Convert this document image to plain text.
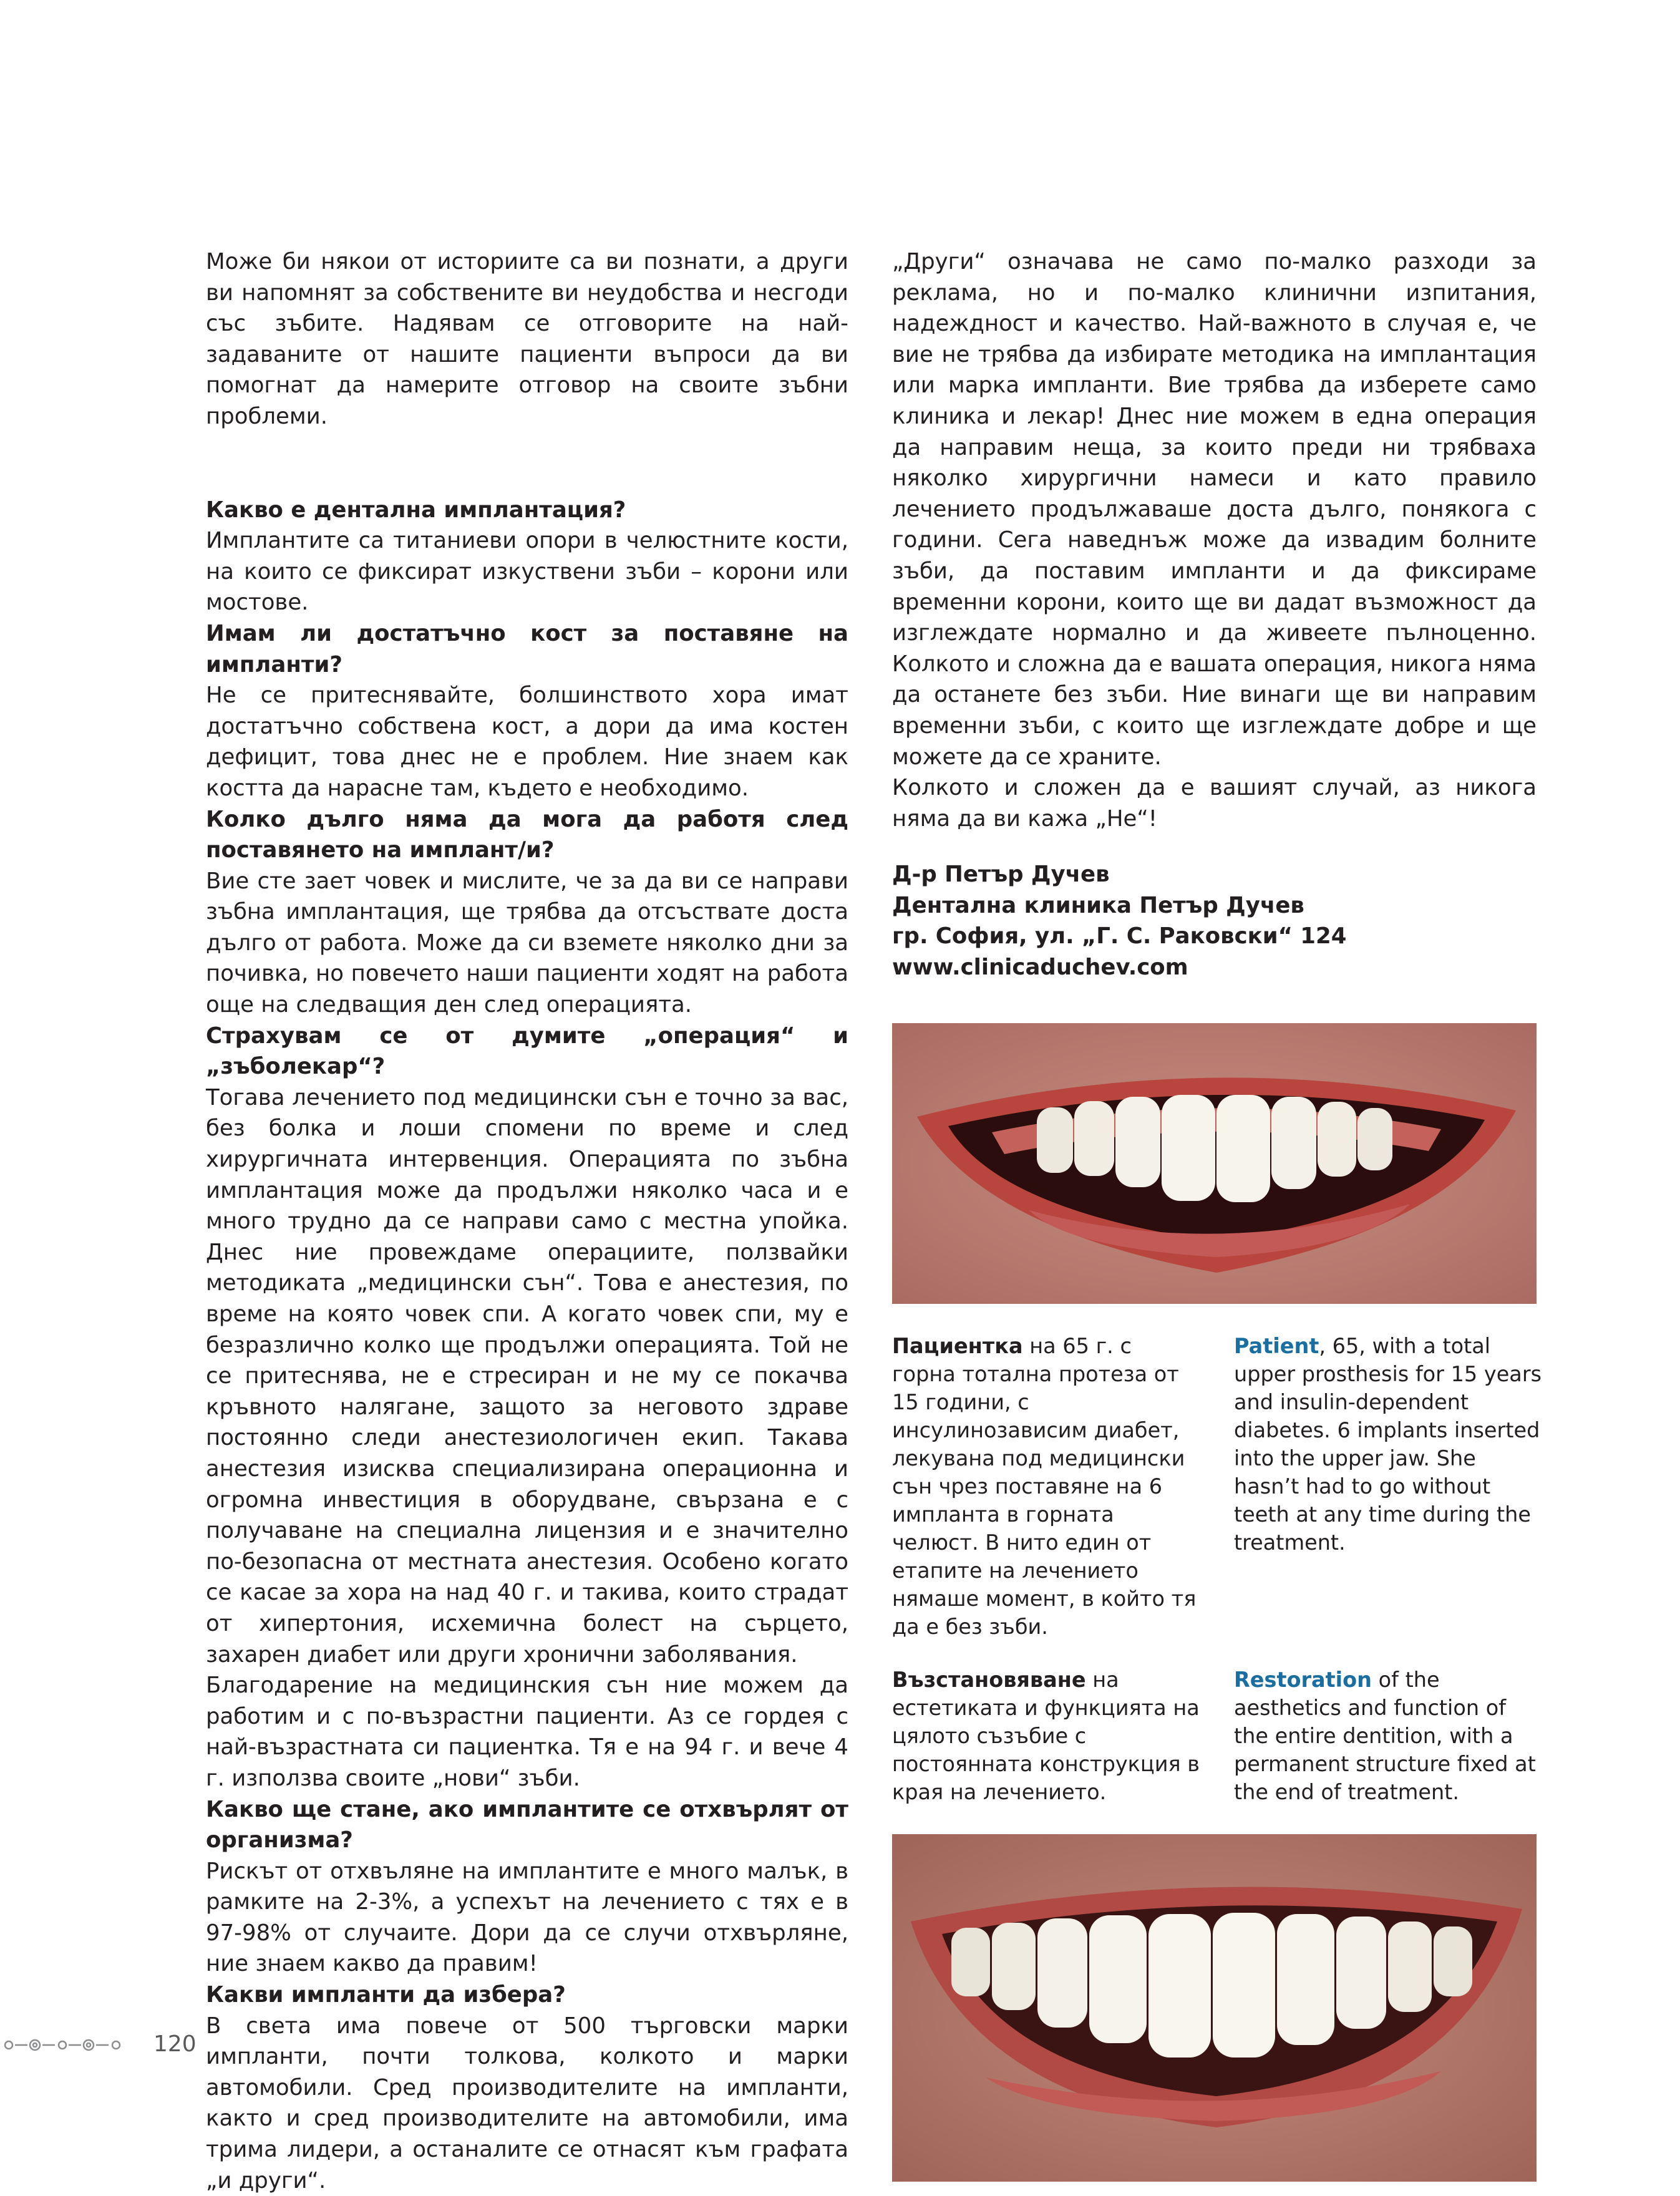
Може би някои от историите са ви познати, а други ви напомнят за собствените ви неудобства и несгоди със зъбите. Надявам се отговорите на най-задаваните от нашите пациенти въпроси да ви помогнат да намерите отговор на своите зъбни проблеми.

Какво е дентална имплантация?

Имплантите са титаниеви опори в челюстните кости, на които се фиксират изкуствени зъби – корони или мостове.

Имам ли достатъчно кост за поставяне на импланти?

Не се притеснявайте, болшинството хора имат достатъчно собствена кост, а дори да има костен дефицит, това днес не е проблем. Ние знаем как костта да нарасне там, където е необходимо.

Колко дълго няма да мога да работя след поставянето на имплант/и?

Вие сте зает човек и мислите, че за да ви се направи зъбна имплантация, ще трябва да отсъствате доста дълго от работа. Може да си вземете няколко дни за почивка, но повечето наши пациенти ходят на работа още на следващия ден след операцията.

Страхувам се от думите „операция“ и „зъболекар“?

Тогава лечението под медицински сън е точно за вас, без болка и лоши спомени по време и след хирургичната интервенция. Операцията по зъбна имплантация може да продължи няколко часа и е много трудно да се направи само с местна упойка. Днес ние провеждаме операциите, ползвайки методиката „медицински сън“. Това е анестезия, по време на която човек спи. А когато човек спи, му е безразлично колко ще продължи операцията. Той не се притеснява, не е стресиран и не му се покачва кръвното налягане, защото за неговото здраве постоянно следи анестезиологичен екип. Такава анестезия изисква специализирана операционна и огромна инвестиция в оборудване, свързана е с получаване на специална лицензия и е значително по-безопасна от местната анестезия. Особено когато се касае за хора на над 40 г. и такива, които страдат от хипертония, исхемична болест на сърцето, захарен диабет или други хронични заболявания.

Благодарение на медицинския сън ние можем да работим и с по-възрастни пациенти. Аз се гордея с най-възрастната си пациентка. Тя е на 94 г. и вече 4 г. използва своите „нови“ зъби.

Какво ще стане, ако имплантите се отхвърлят от организма?

Рискът от отхвъляне на имплантите е много малък, в рамките на 2-3%, а успехът на лечението с тях е в 97-98% от случаите. Дори да се случи отхвърляне, ние знаем какво да правим!

Какви импланти да избера?

В света има повече от 500 търговски марки импланти, почти толкова, колкото и марки автомобили. Сред производителите на импланти, както и сред производителите на автомобили, има трима лидери, а останалите се отнасят към графата „и други“.

„Други“ означава не само по-малко разходи за реклама, но и по-малко клинични изпитания, надеждност и качество. Най-важното в случая е, че вие не трябва да избирате методика на имплантация или марка импланти. Вие трябва да изберете само клиника и лекар! Днес ние можем в една операция да направим неща, за които преди ни трябваха няколко хирургични намеси и като правило лечението продължаваше доста дълго, понякога с години. Сега наведнъж може да извадим болните зъби, да поставим импланти и да фиксираме временни корони, които ще ви дадат възможност да изглеждате нормално и да живеете пълноценно. Колкото и сложна да е вашата операция, никога няма да останете без зъби. Ние винаги ще ви направим временни зъби, с които ще изглеждате добре и ще можете да се храните.

Колкото и сложен да е вашият случай, аз никога няма да ви кажа „Не“!

Д-р Петър Дучев

Дентална клиника Петър Дучев

гр. София, ул. „Г. С. Раковски“ 124

www.clinicaduchev.com

Пациентка на 65 г. с горна тотална протеза от 15 години, с инсулинозависим диабет, лекувана под медицински сън чрез поставяне на 6 импланта в горната челюст. В нито един от етапите на лечението нямаше момент, в който тя да е без зъби.
Patient, 65, with a total upper prosthesis for 15 years and insulin-dependent diabetes. 6 implants inserted into the upper jaw. She hasn’t had to go without teeth at any time during the treatment.
Възстановяване на естетиката и функцията на цялото съзъбие с постоянната конструкция в края на лечението.
Restoration of the aesthetics and function of the entire dentition, with a permanent structure fixed at the end of treatment.
120
